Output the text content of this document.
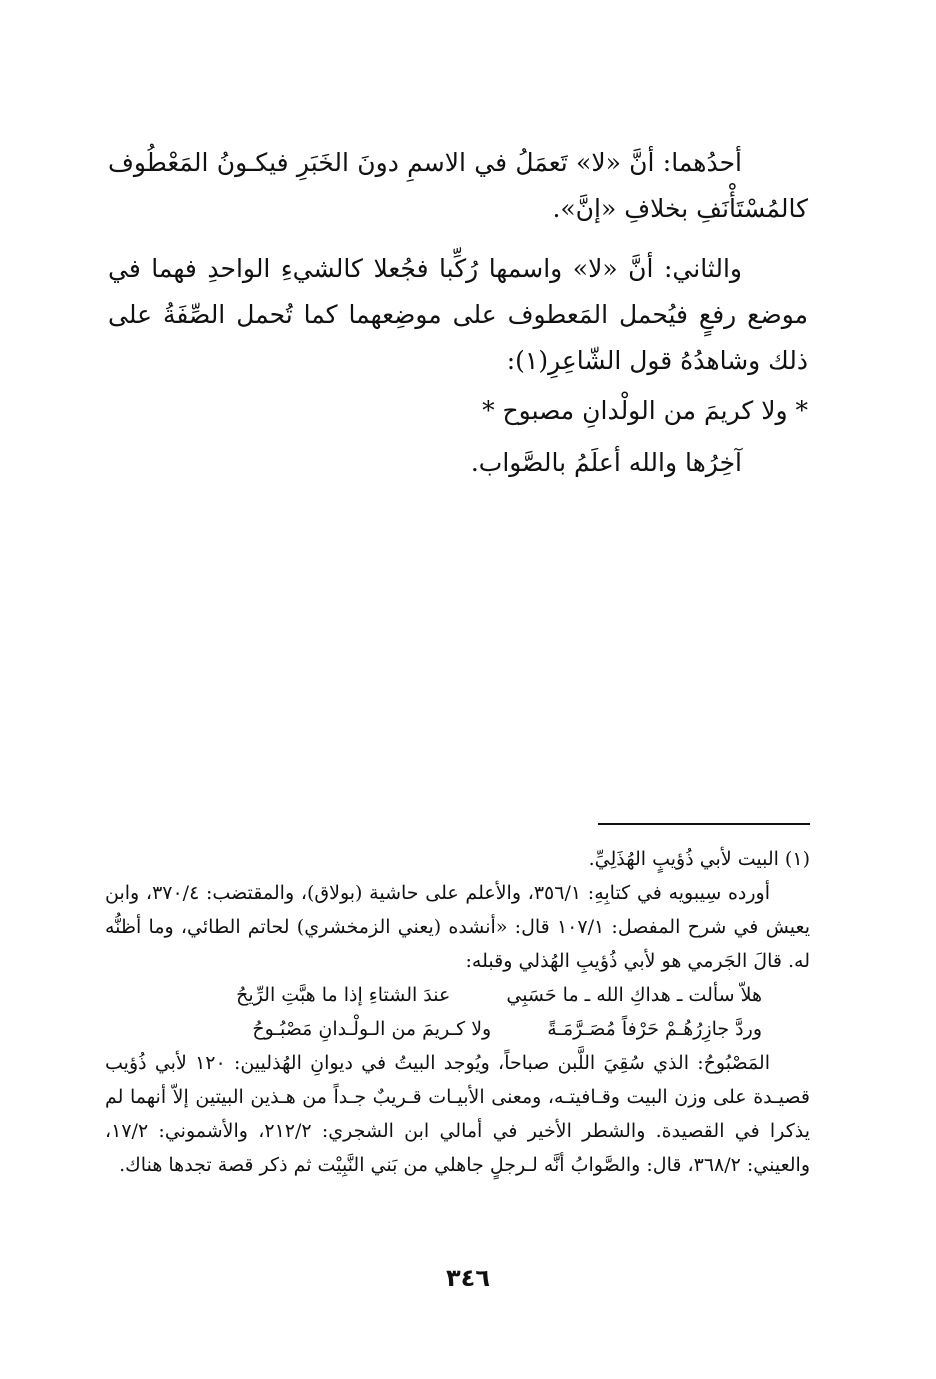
أحدُهما: أنَّ «لا» تَعمَلُ في الاسمِ دونَ الخَبَرِ فيكـونُ المَعْطُوف كالمُسْتَأْنَفِ بخلافِ «إنَّ».

والثاني: أنَّ «لا» واسمها رُكِّبا فجُعلا كالشيءِ الواحدِ فهما في موضع رفعٍ فيُحمل المَعطوف على موضِعهما كما تُحمل الصِّفَةُ على ذلك وشاهدُهُ قول الشّاعِرِ(١):

* ولا كريمَ من الولْدانِ مصبوح *

آخِرُها والله أعلَمُ بالصَّواب.

(١) البيت لأبي ذُؤيبٍ الهُذَلِيِّ.

أورده سِيبويه في كتابِهِ: ٣٥٦/١، والأعلم على حاشية (بولاق)، والمقتضب: ٣٧٠/٤، وابن يعيش في شرح المفصل: ١٠٧/١ قال: «أنشده (يعني الزمخشري) لحاتم الطائي، وما أظنُّه له. قالَ الجَرمي هو لأبي ذُؤيبِ الهُذلي وقبله:

هلاّ سألت ـ هداكِ الله ـ ما حَسَبِي
عندَ الشتاءِ إذا ما هبَّتِ الرِّيحُ
وردَّ جازِرُهُـمْ حَرْفاً مُصَـرَّمَـةً
ولا كـريمَ من الـولْـدانِ مَصْبُـوحُ

المَصْبُوحُ: الذي سُقِيَ اللَّبن صباحاً، ويُوجد البيتُ في ديوانِ الهُذليين: ١٢٠ لأبي ذُؤيب قصيـدة على وزن البيت وقـافيتـه، ومعنى الأبيـات قـريبٌ جـداً من هـذين البيتين إلاّ أنهما لم يذكرا في القصيدة. والشطر الأخير في أمالي ابن الشجري: ٢١٢/٢، والأشموني: ١٧/٢، والعيني: ٣٦٨/٢، قال: والصَّوابُ أنَّه لـرجلٍ جاهلي من بَني النَّبِيْت ثم ذكر قصة تجدها هناك.

٣٤٦
